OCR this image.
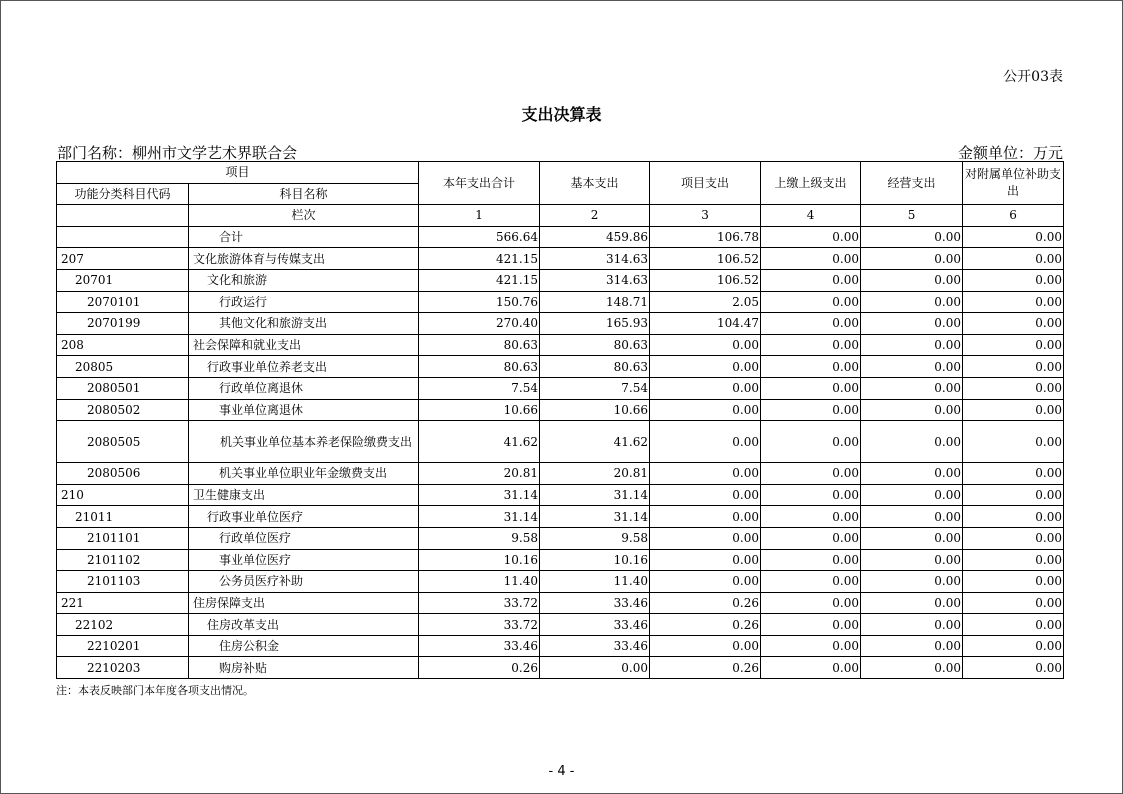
公开03表
支出决算表
部门名称：柳州市文学艺术界联合会	金额单位：万元
项目		本年支出合计	基本支出	项目支出	上缴上级支出	经营支出	对附属单位补助支出
功能分类科目代码	科目名称						
	栏次	1	2	3	4	5	6
	合计	566.64	459.86	106.78	0.00	0.00	0.00
207	文化旅游体育与传媒支出	421.15	314.63	106.52	0.00	0.00	0.00
20701	文化和旅游	421.15	314.63	106.52	0.00	0.00	0.00
2070101	行政运行	150.76	148.71	2.05	0.00	0.00	0.00
2070199	其他文化和旅游支出	270.40	165.93	104.47	0.00	0.00	0.00
208	社会保障和就业支出	80.63	80.63	0.00	0.00	0.00	0.00
20805	行政事业单位养老支出	80.63	80.63	0.00	0.00	0.00	0.00
2080501	行政单位离退休	7.54	7.54	0.00	0.00	0.00	0.00
2080502	事业单位离退休	10.66	10.66	0.00	0.00	0.00	0.00
2080505	机关事业单位基本养老保险缴费支出	41.62	41.62	0.00	0.00	0.00	0.00
2080506	机关事业单位职业年金缴费支出	20.81	20.81	0.00	0.00	0.00	0.00
210	卫生健康支出	31.14	31.14	0.00	0.00	0.00	0.00
21011	行政事业单位医疗	31.14	31.14	0.00	0.00	0.00	0.00
2101101	行政单位医疗	9.58	9.58	0.00	0.00	0.00	0.00
2101102	事业单位医疗	10.16	10.16	0.00	0.00	0.00	0.00
2101103	公务员医疗补助	11.40	11.40	0.00	0.00	0.00	0.00
221	住房保障支出	33.72	33.46	0.26	0.00	0.00	0.00
22102	住房改革支出	33.72	33.46	0.26	0.00	0.00	0.00
2210201	住房公积金	33.46	33.46	0.00	0.00	0.00	0.00
2210203	购房补贴	0.26	0.00	0.26	0.00	0.00	0.00
注：本表反映部门本年度各项支出情况。
- 4 -
